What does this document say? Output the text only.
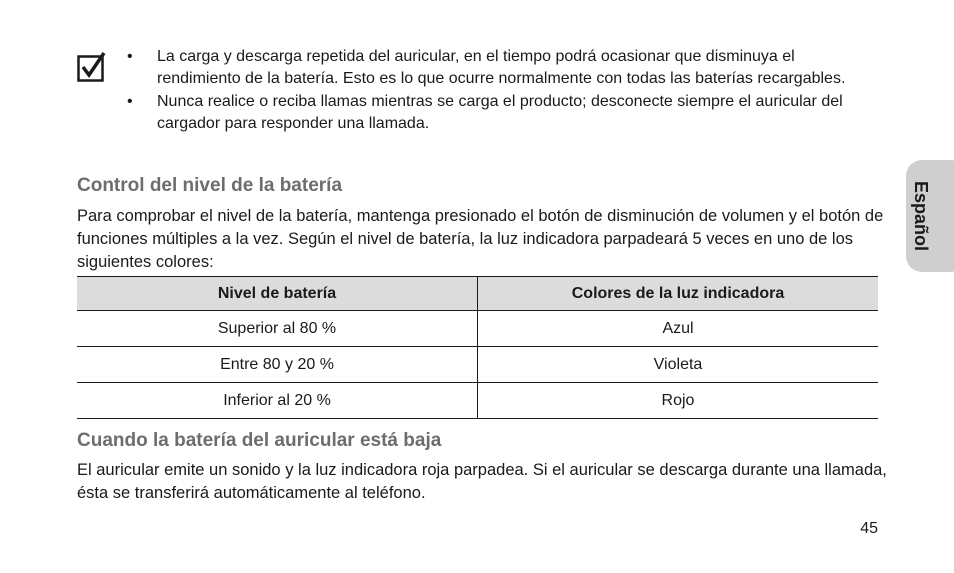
• La carga y descarga repetida del auricular, en el tiempo podrá ocasionar que disminuya el rendimiento de la batería. Esto es lo que ocurre normalmente con todas las baterías recargables.
• Nunca realice o reciba llamas mientras se carga el producto; desconecte siempre el auricular del cargador para responder una llamada.
Español
Control del nivel de la batería

Para comprobar el nivel de la batería, mantenga presionado el botón de disminución de volumen y el botón de funciones múltiples a la vez. Según el nivel de batería, la luz indicadora parpadeará 5 veces en uno de los siguientes colores:

Nivel de batería	Colores de la luz indicadora
Superior al 80 %	Azul
Entre 80 y 20 %	Violeta
Inferior al 20 %	Rojo
Cuando la batería del auricular está baja

El auricular emite un sonido y la luz indicadora roja parpadea. Si el auricular se descarga durante una llamada, ésta se transferirá automáticamente al teléfono.

45
